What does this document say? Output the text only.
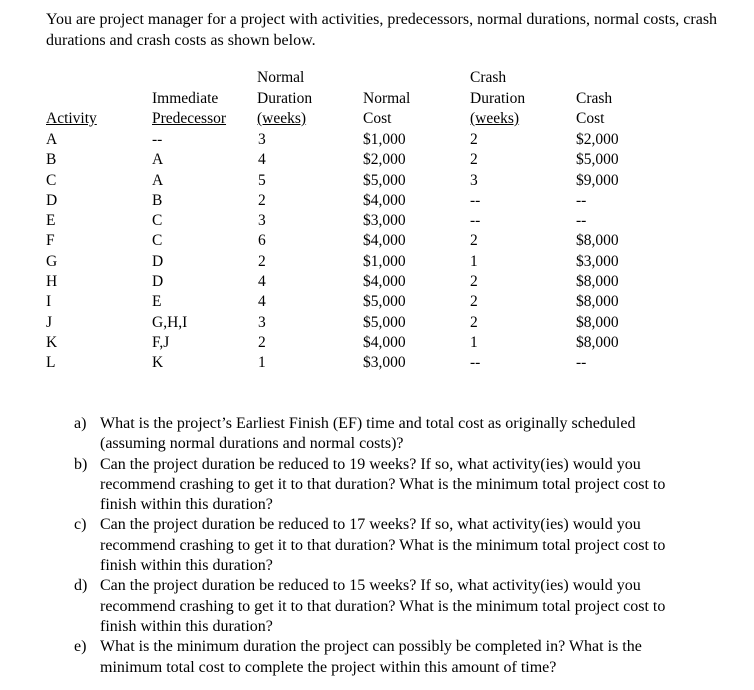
You are project manager for a project with activities, predecessors, normal durations, normal costs, crash durations and crash costs as shown below.
Activity
Immediate
Predecessor
Normal
Duration
(weeks)
Normal
Cost
Crash
Duration
(weeks)
Crash
Cost
A
B
C
D
E
F
G
H
I
J
K
L
--
A
A
B
C
C
D
D
E
G,H,I
F,J
K
3
4
5
2
3
6
2
4
4
3
2
1
$1,000
$2,000
$5,000
$4,000
$3,000
$4,000
$1,000
$4,000
$5,000
$5,000
$4,000
$3,000
2
2
3
--
--
2
1
2
2
2
1
--
$2,000
$5,000
$9,000
--
--
$8,000
$3,000
$8,000
$8,000
$8,000
$8,000
--
a) What is the project’s Earliest Finish (EF) time and total cost as originally scheduled (assuming normal durations and normal costs)?
b) Can the project duration be reduced to 19 weeks? If so, what activity(ies) would you recommend crashing to get it to that duration? What is the minimum total project cost to finish within this duration?
c) Can the project duration be reduced to 17 weeks? If so, what activity(ies) would you recommend crashing to get it to that duration? What is the minimum total project cost to finish within this duration?
d) Can the project duration be reduced to 15 weeks? If so, what activity(ies) would you recommend crashing to get it to that duration? What is the minimum total project cost to finish within this duration?
e) What is the minimum duration the project can possibly be completed in? What is the minimum total cost to complete the project within this amount of time?
